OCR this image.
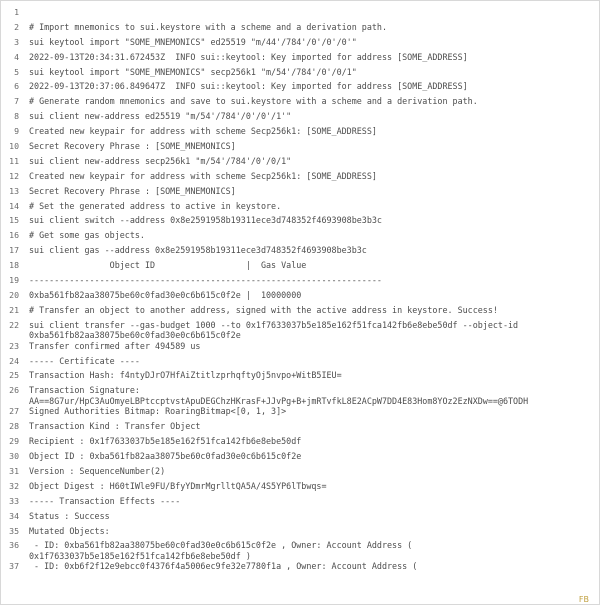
1
2	# Import mnemonics to sui.keystore with a scheme and a derivation path.
3	sui keytool import "SOME_MNEMONICS" ed25519 "m/44'/784'/0'/0'/0'"
4	2022-09-13T20:34:31.672453Z  INFO sui::keytool: Key imported for address [SOME_ADDRESS]
5	sui keytool import "SOME_MNEMONICS" secp256k1 "m/54'/784'/0'/0/1"
6	2022-09-13T20:37:06.849647Z  INFO sui::keytool: Key imported for address [SOME_ADDRESS]
7	# Generate random mnemonics and save to sui.keystore with a scheme and a derivation path.
8	sui client new-address ed25519 "m/54'/784'/0'/0'/1'"
9	Created new keypair for address with scheme Secp256k1: [SOME_ADDRESS]
10	Secret Recovery Phrase : [SOME_MNEMONICS]
11	sui client new-address secp256k1 "m/54'/784'/0'/0/1"
12	Created new keypair for address with scheme Secp256k1: [SOME_ADDRESS]
13	Secret Recovery Phrase : [SOME_MNEMONICS]
14	# Set the generated address to active in keystore.
15	sui client switch --address 0x8e2591958b19311ece3d748352f4693908be3b3c
16	# Get some gas objects.
17	sui client gas --address 0x8e2591958b19311ece3d748352f4693908be3b3c
18	Object ID                  |  Gas Value
19	----------------------------------------------------------------------
20	0xba561fb82aa38075be60c0fad30e0c6b615c0f2e |  10000000
21	# Transfer an object to another address, signed with the active address in keystore. Success!
22	sui client transfer --gas-budget 1000 --to 0x1f7633037b5e185e162f51fca142fb6e8ebe50df --object-id
0xba561fb82aa38075be60c0fad30e0c6b615c0f2e
23	Transfer confirmed after 494589 us
24	----- Certificate ----
25	Transaction Hash: f4ntyDJrO7HfAiZtitlzprhqftyOj5nvpo+WitB5IEU=
26	Transaction Signature:
AA==8G7ur/HpC3AuOmyeLBPtccptvstApuDEGChzHKrasF+JJvPg+B+jmRTvfkL8E2ACpW7DD4E83Hom8YOz2EzNXDw==@6TODH
27	Signed Authorities Bitmap: RoaringBitmap<[0, 1, 3]>
28	Transaction Kind : Transfer Object
29	Recipient : 0x1f7633037b5e185e162f51fca142fb6e8ebe50df
30	Object ID : 0xba561fb82aa38075be60c0fad30e0c6b615c0f2e
31	Version : SequenceNumber(2)
32	Object Digest : H60tIWle9FU/BfyYDmrMgrlltQA5A/4S5YP6lTbwqs=
33	----- Transaction Effects ----
34	Status : Success
35	Mutated Objects:
36	- ID: 0xba561fb82aa38075be60c0fad30e0c6b615c0f2e , Owner: Account Address (
0x1f7633037b5e185e162f51fca142fb6e8ebe50df )
37	- ID: 0xb6f2f12e9ebcc0f4376f4a5006ec9fe32e7780f1a , Owner: Account Address (
FB
